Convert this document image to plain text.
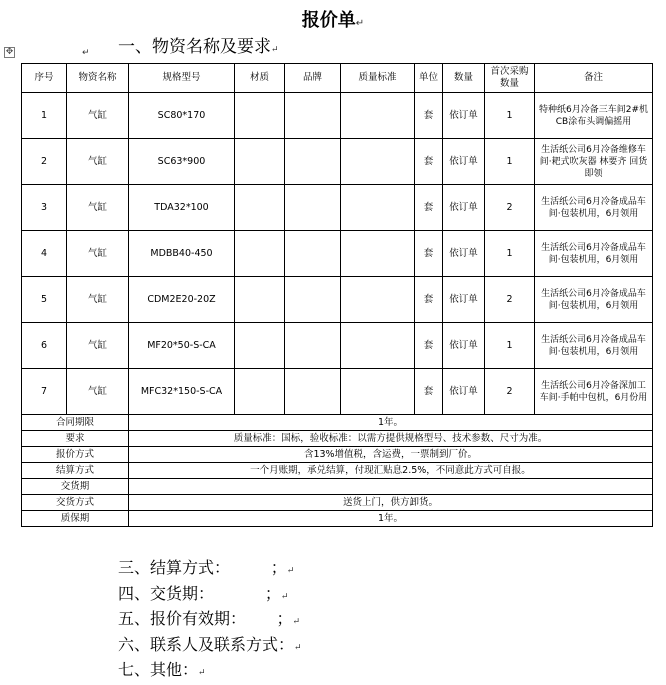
✥
报价单↵
一、物资名称及要求↵
↵
序号	物资名称	规格型号	材质	品牌	质量标准	单位	数量	首次采购数量	备注
1	气缸	SC80*170				套	依订单	1	特种纸6月冷备三车间2#机CB涂布头调偏摇用
2	气缸	SC63*900				套	依订单	1	生活纸公司6月冷备维修车间·耙式吹灰器 林要齐 回货即领
3	气缸	TDA32*100				套	依订单	2	生活纸公司6月冷备成品车间·包装机用，6月领用
4	气缸	MDBB40-450				套	依订单	1	生活纸公司6月冷备成品车间·包装机用，6月领用
5	气缸	CDM2E20-20Z				套	依订单	2	生活纸公司6月冷备成品车间·包装机用，6月领用
6	气缸	MF20*50-S-CA				套	依订单	1	生活纸公司6月冷备成品车间·包装机用，6月领用
7	气缸	MFC32*150-S-CA				套	依订单	2	生活纸公司6月冷备深加工车间·手帕中包机，6月份用
合同期限		1年。							
要求		质量标准：国标，验收标准：以需方提供规格型号、技术参数、尺寸为准。							
报价方式		含13%增值税，含运费，一票制到厂价。							
结算方式		一个月账期，承兑结算，付现汇贴息2.5%，不同意此方式可自报。							
交货期									
交货方式		送货上门，供方卸货。							
质保期		1年。							
三、结算方式：	；↵
四、交货期：	；↵
五、报价有效期： ；↵
六、联系人及联系方式：↵
七、其他：↵
